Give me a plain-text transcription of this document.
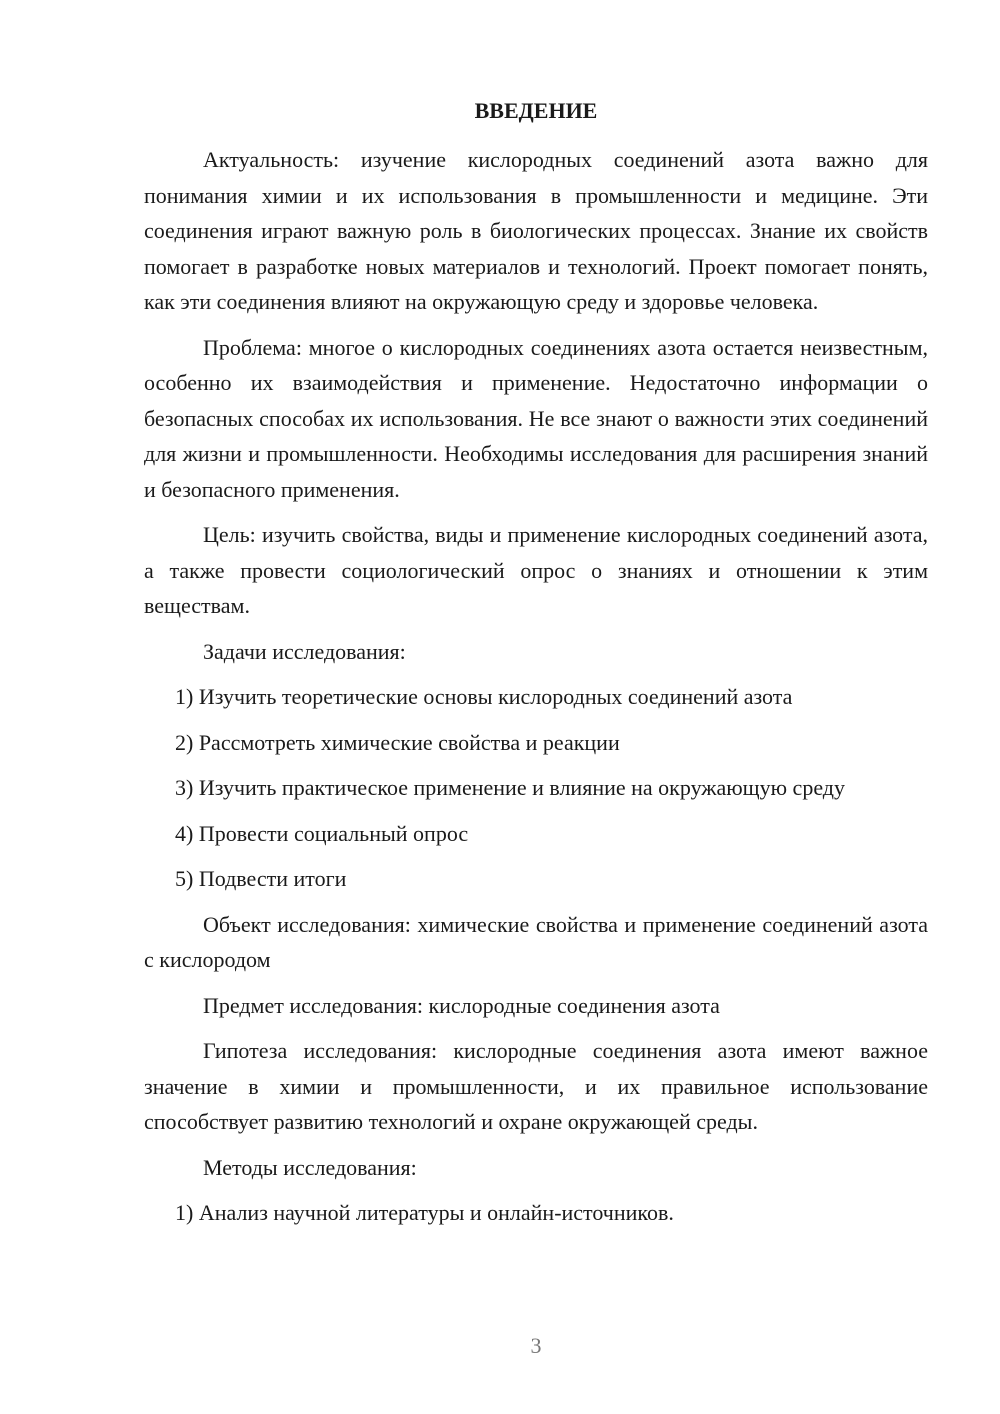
ВВЕДЕНИЕ

Актуальность: изучение кислородных соединений азота важно для понимания химии и их использования в промышленности и медицине. Эти соединения играют важную роль в биологических процессах. Знание их свойств помогает в разработке новых материалов и технологий. Проект помогает понять, как эти соединения влияют на окружающую среду и здоровье человека.

Проблема: многое о кислородных соединениях азота остается неизвестным, особенно их взаимодействия и применение. Недостаточно информации о безопасных способах их использования. Не все знают о важности этих соединений для жизни и промышленности. Необходимы исследования для расширения знаний и безопасного применения.

Цель: изучить свойства, виды и применение кислородных соединений азота, а также провести социологический опрос о знаниях и отношении к этим веществам.

Задачи исследования:

1) Изучить теоретические основы кислородных соединений азота

2) Рассмотреть химические свойства и реакции

3) Изучить практическое применение и влияние на окружающую среду

4) Провести социальный опрос

5) Подвести итоги

Объект исследования: химические свойства и применение соединений азота с кислородом

Предмет исследования: кислородные соединения азота

Гипотеза исследования: кислородные соединения азота имеют важное значение в химии и промышленности, и их правильное использование способствует развитию технологий и охране окружающей среды.

Методы исследования:

1) Анализ научной литературы и онлайн-источников.

3
